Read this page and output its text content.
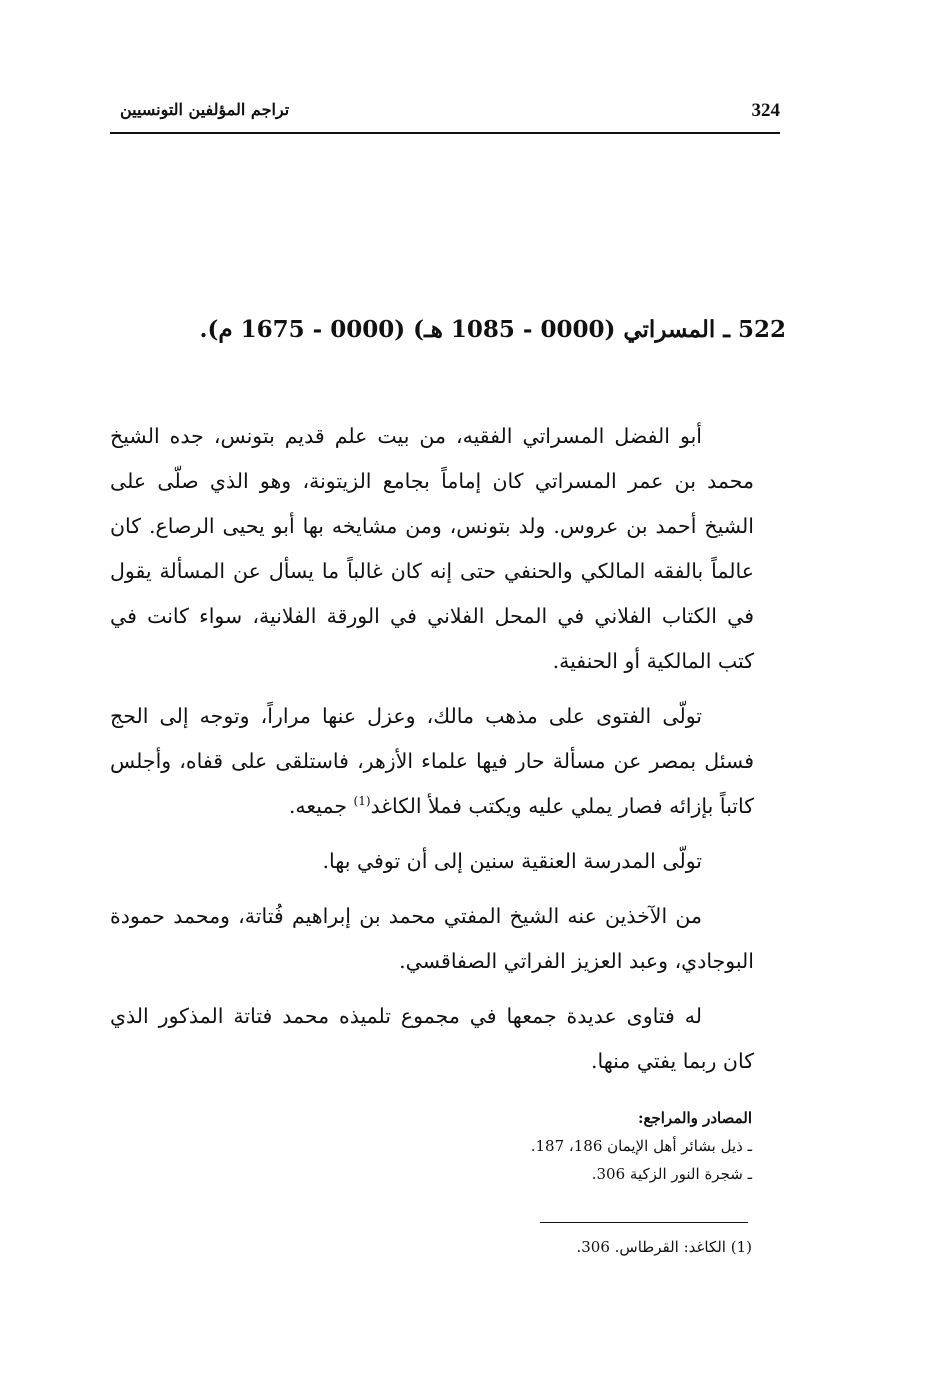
324
تراجم المؤلفين التونسيين
522 ـ المسراتي (0000 - 1085 هـ) (0000 - 1675 م).

أبو الفضل المسراتي الفقيه، من بيت علم قديم بتونس، جده الشيخ محمد بن عمر المسراتي كان إماماً بجامع الزيتونة، وهو الذي صلّى على الشيخ أحمد بن عروس. ولد بتونس، ومن مشايخه بها أبو يحيى الرصاع. كان عالماً بالفقه المالكي والحنفي حتى إنه كان غالباً ما يسأل عن المسألة يقول في الكتاب الفلاني في المحل الفلاني في الورقة الفلانية، سواء كانت في كتب المالكية أو الحنفية.

تولّى الفتوى على مذهب مالك، وعزل عنها مراراً، وتوجه إلى الحج فسئل بمصر عن مسألة حار فيها علماء الأزهر، فاستلقى على قفاه، وأجلس كاتباً بإزائه فصار يملي عليه ويكتب فملأ الكاغد$^{(1)}$ جميعه.

تولّى المدرسة العنقية سنين إلى أن توفي بها.

من الآخذين عنه الشيخ المفتي محمد بن إبراهيم فُتاتة، ومحمد حمودة البوجادي، وعبد العزيز الفراتي الصفاقسي.

له فتاوى عديدة جمعها في مجموع تلميذه محمد فتاتة المذكور الذي كان ربما يفتي منها.

المصادر والمراجع:
ـ ذيل بشائر أهل الإيمان 186، 187.
ـ شجرة النور الزكية 306.
(1) الكاغد: القرطاس. 306.
